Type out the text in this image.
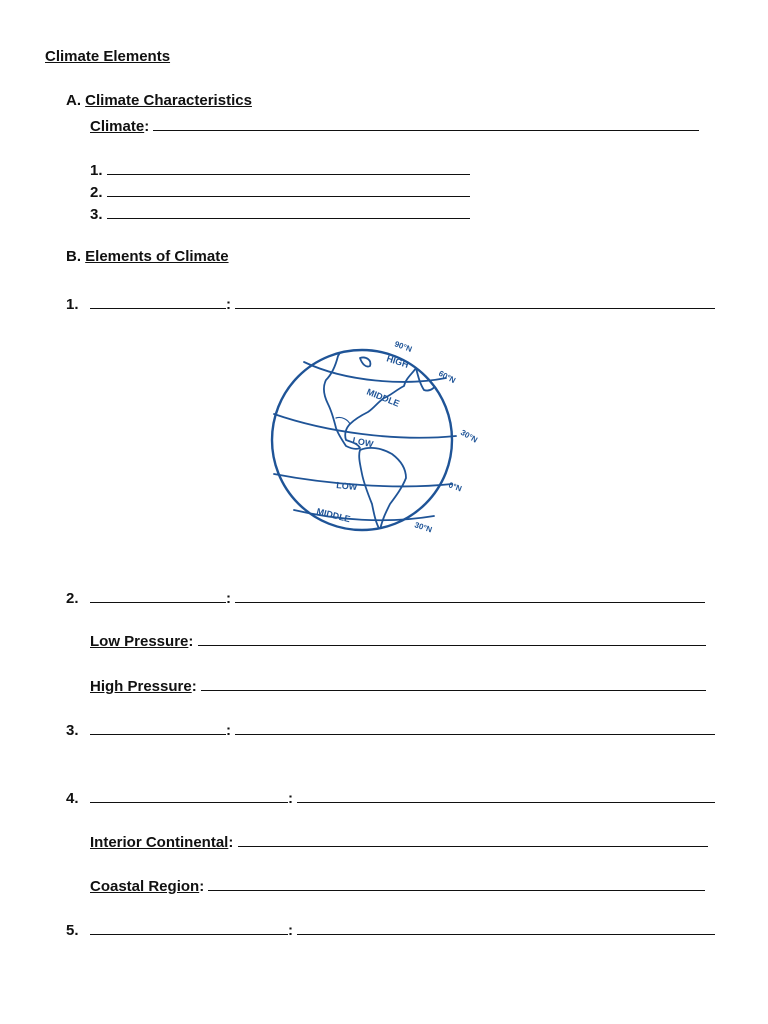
Climate Elements
A. Climate Characteristics
Climate:
1.
2.
3.
B. Elements of Climate
1.	:
HIGH
MIDDLE
LOW
LOW
MIDDLE
90°N
60°N
30°N
0°N
30°N
2.	:
Low Pressure:
High Pressure:
3.	:
4.	:
Interior Continental:
Coastal Region:
5.	:
